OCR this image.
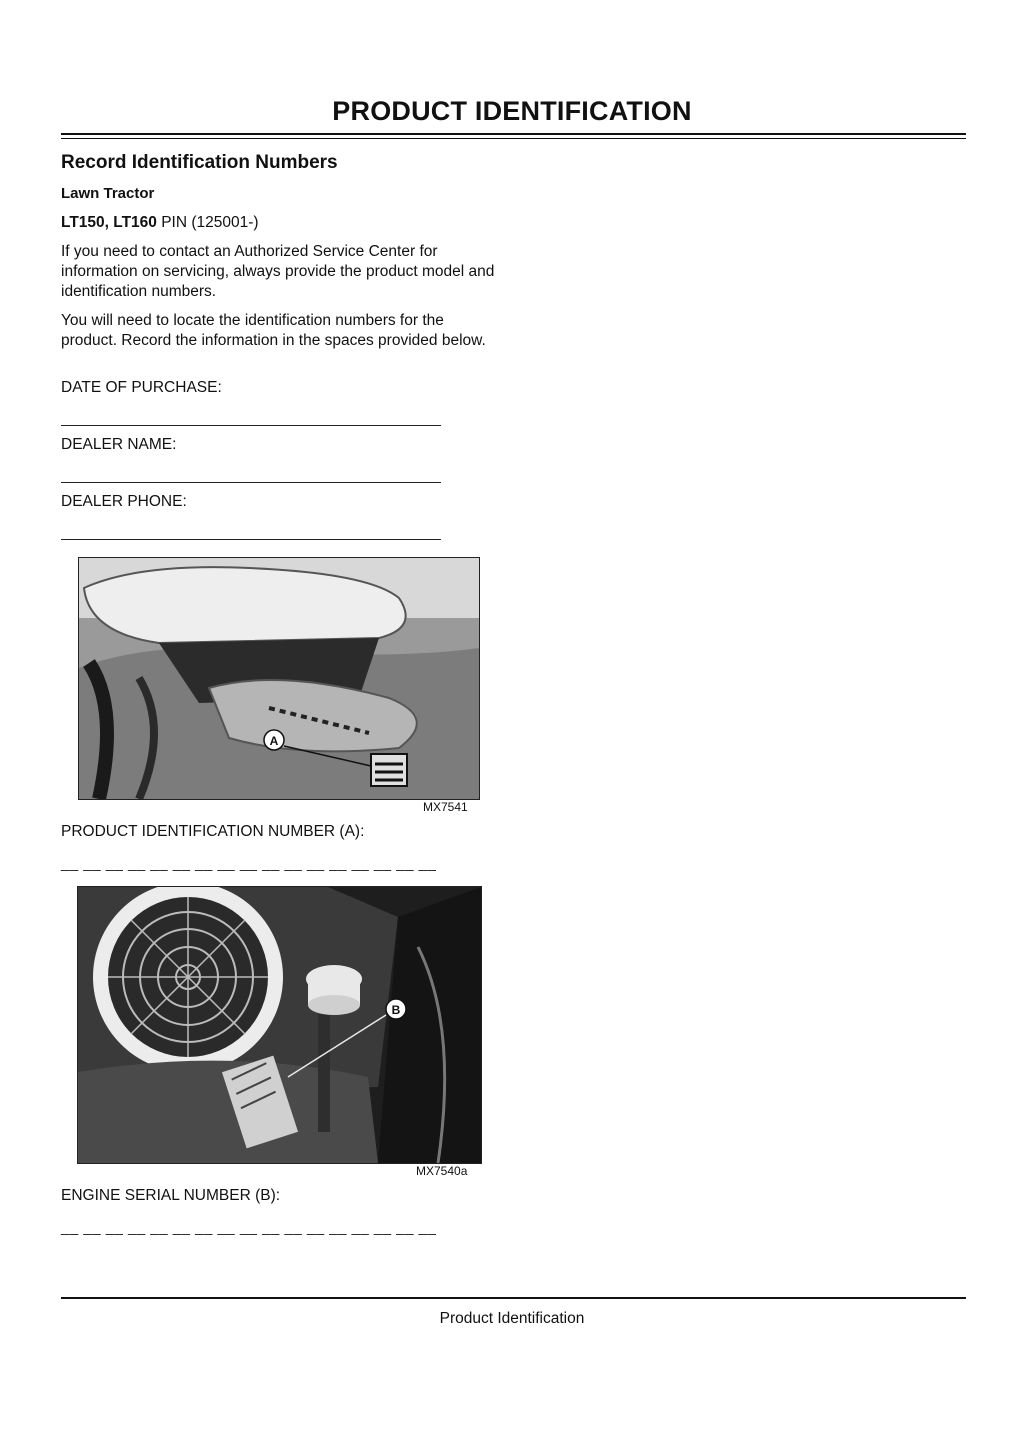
PRODUCT IDENTIFICATION
Record Identification Numbers
Lawn Tractor
LT150, LT160 PIN (125001-)
If you need to contact an Authorized Service Center for information on servicing, always provide the product model and identification numbers.
You will need to locate the identification numbers for the product. Record the information in the spaces provided below.
DATE OF PURCHASE:
DEALER NAME:
DEALER PHONE:
A
MX7541
PRODUCT IDENTIFICATION NUMBER (A):
__ __ __ __ __ __ __ __ __ __ __ __ __ __ __ __ __
B
MX7540a
ENGINE SERIAL NUMBER (B):
__ __ __ __ __ __ __ __ __ __ __ __ __ __ __ __ __
Product Identification
